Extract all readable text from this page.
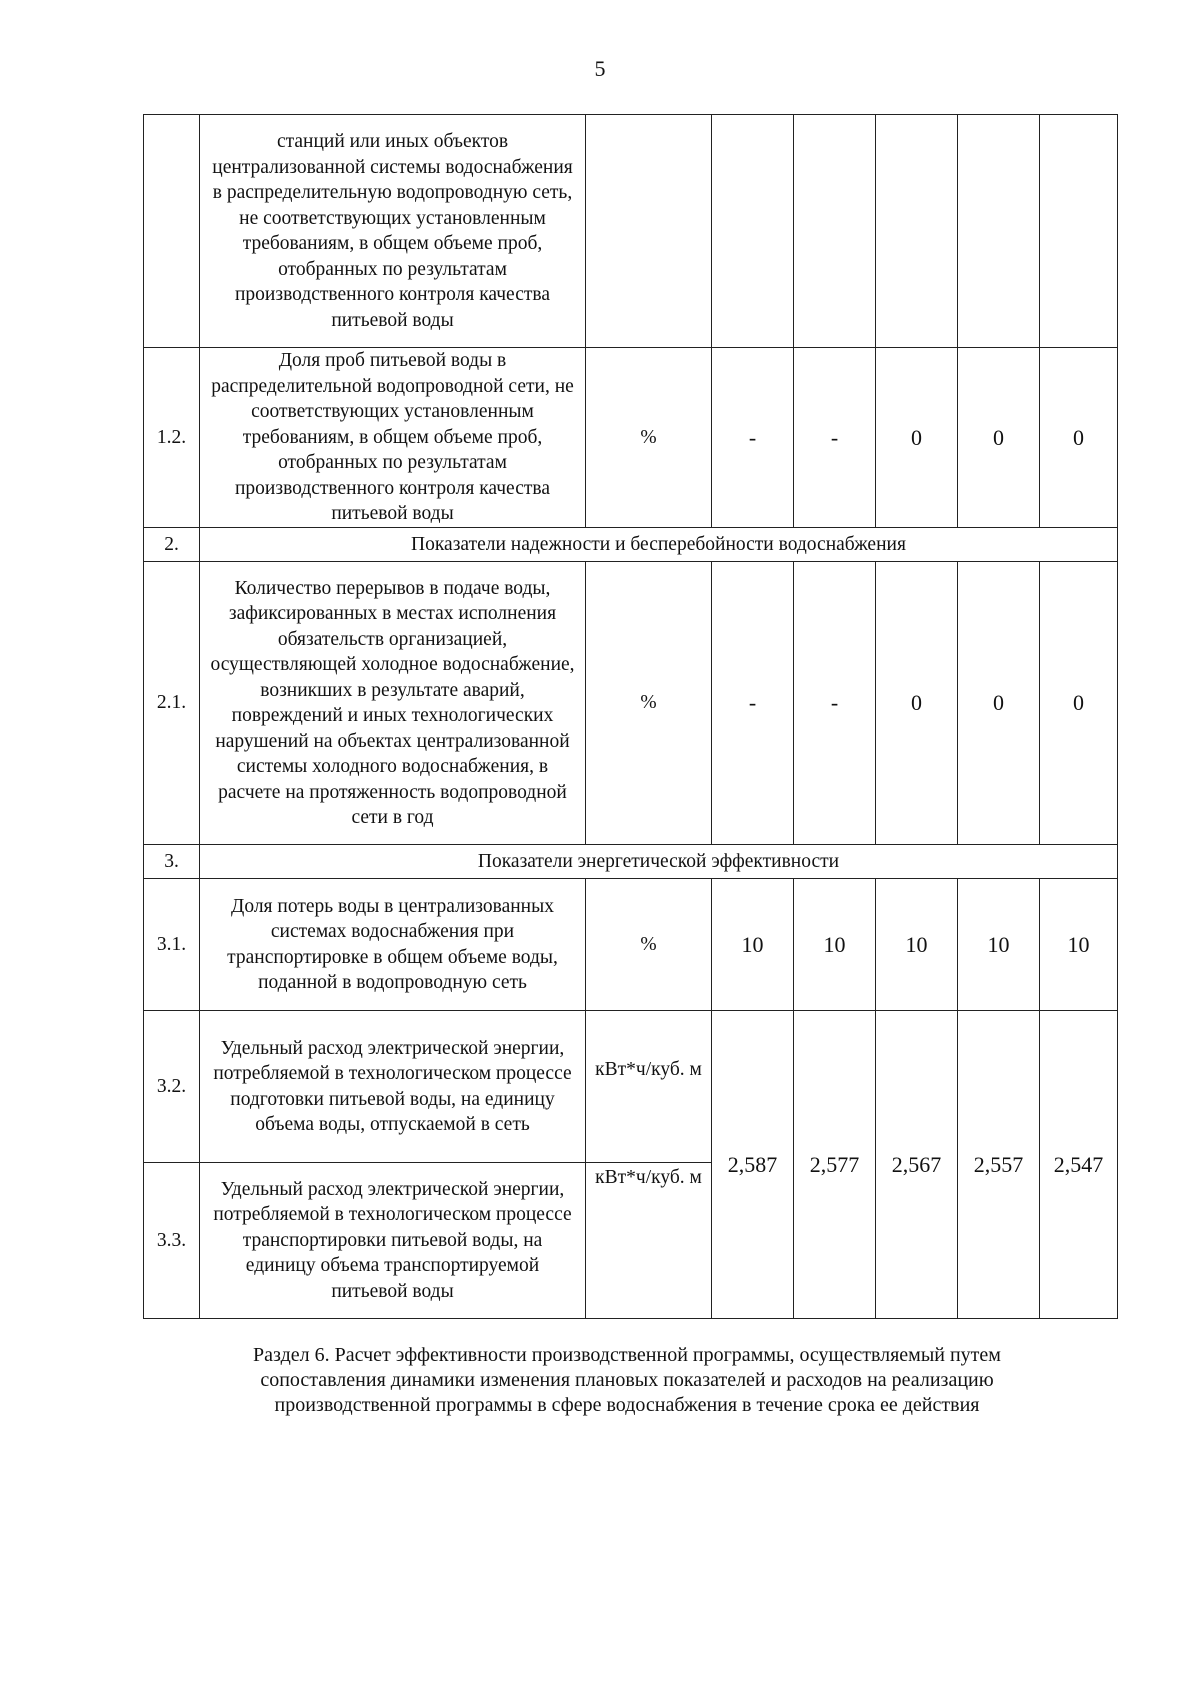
5
	станций или иных объектов централизованной системы водоснабжения в распределительную водопроводную сеть, не соответствующих установленным требованиям, в общем объеме проб, отобранных по результатам производственного контроля качества питьевой воды						
1.2.	Доля проб питьевой воды в распределительной водопроводной сети, не соответствующих установленным требованиям, в общем объеме проб, отобранных по результатам производственного контроля качества питьевой воды	%	-	-	0	0	0
2.	Показатели надежности и бесперебойности водоснабжения						
2.1.	Количество перерывов в подаче воды, зафиксированных в местах исполнения обязательств организацией, осуществляющей холодное водоснабжение, возникших в результате аварий, повреждений и иных технологических нарушений на объектах централизованной системы холодного водоснабжения, в расчете на протяженность водопроводной сети в год	%	-	-	0	0	0
3.	Показатели энергетической эффективности						
3.1.	Доля потерь воды в централизованных системах водоснабжения при транспортировке в общем объеме воды, поданной в водопроводную сеть	%	10	10	10	10	10
3.2.	Удельный расход электрической энергии, потребляемой в технологическом процессе подготовки питьевой воды, на единицу объема воды, отпускаемой в сеть	кВт*ч/куб. м	2,587	2,577	2,567	2,557	2,547
3.3.	Удельный расход электрической энергии, потребляемой в технологическом процессе транспортировки питьевой воды, на единицу объема транспортируемой питьевой воды	кВт*ч/куб. м					
Раздел 6. Расчет эффективности производственной программы, осуществляемый путем сопоставления динамики изменения плановых показателей и расходов на реализацию производственной программы в сфере водоснабжения в течение срока ее действия
